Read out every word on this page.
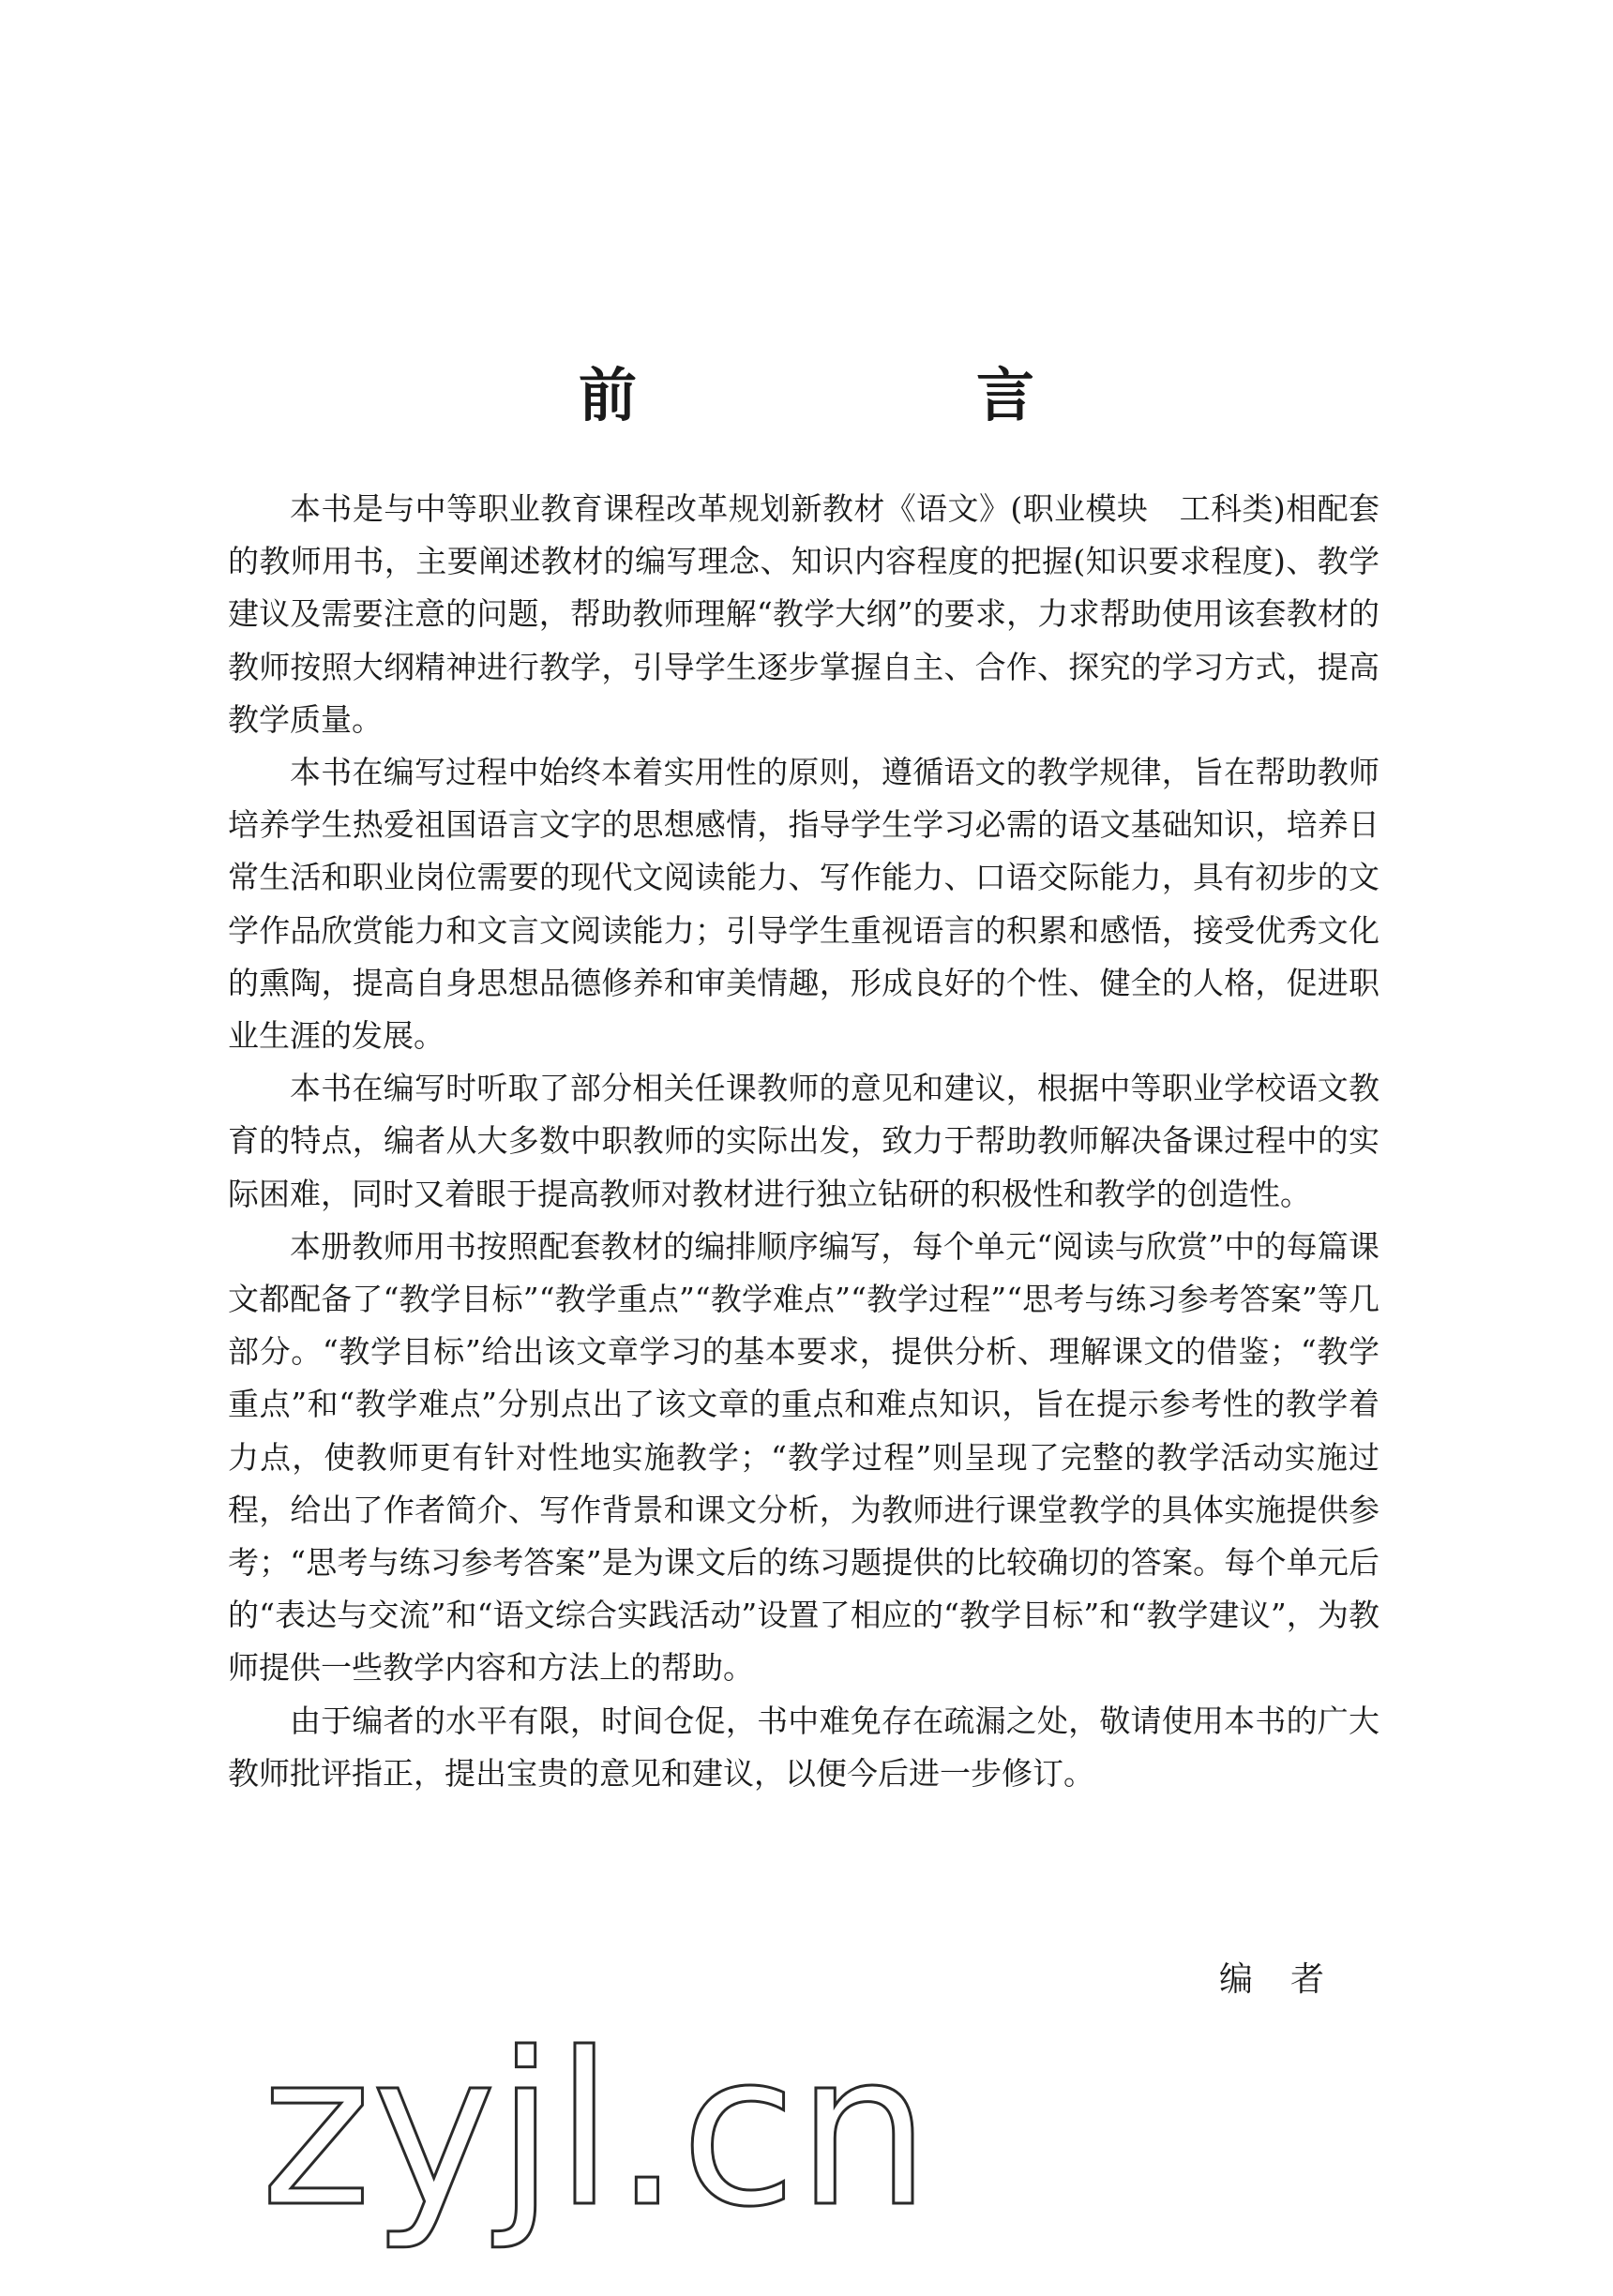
前　言

本书是与中等职业教育课程改革规划新教材《语文》(职业模块　工科类)相配套的教师用书，主要阐述教材的编写理念、知识内容程度的把握(知识要求程度)、教学建议及需要注意的问题，帮助教师理解“教学大纲”的要求，力求帮助使用该套教材的教师按照大纲精神进行教学，引导学生逐步掌握自主、合作、探究的学习方式，提高教学质量。

本书在编写过程中始终本着实用性的原则，遵循语文的教学规律，旨在帮助教师培养学生热爱祖国语言文字的思想感情，指导学生学习必需的语文基础知识，培养日常生活和职业岗位需要的现代文阅读能力、写作能力、口语交际能力，具有初步的文学作品欣赏能力和文言文阅读能力；引导学生重视语言的积累和感悟，接受优秀文化的熏陶，提高自身思想品德修养和审美情趣，形成良好的个性、健全的人格，促进职业生涯的发展。

本书在编写时听取了部分相关任课教师的意见和建议，根据中等职业学校语文教育的特点，编者从大多数中职教师的实际出发，致力于帮助教师解决备课过程中的实际困难，同时又着眼于提高教师对教材进行独立钻研的积极性和教学的创造性。

本册教师用书按照配套教材的编排顺序编写，每个单元“阅读与欣赏”中的每篇课文都配备了“教学目标”“教学重点”“教学难点”“教学过程”“思考与练习参考答案”等几部分。“教学目标”给出该文章学习的基本要求，提供分析、理解课文的借鉴；“教学重点”和“教学难点”分别点出了该文章的重点和难点知识，旨在提示参考性的教学着力点，使教师更有针对性地实施教学；“教学过程”则呈现了完整的教学活动实施过程，给出了作者简介、写作背景和课文分析，为教师进行课堂教学的具体实施提供参考；“思考与练习参考答案”是为课文后的练习题提供的比较确切的答案。每个单元后的“表达与交流”和“语文综合实践活动”设置了相应的“教学目标”和“教学建议”，为教师提供一些教学内容和方法上的帮助。

由于编者的水平有限，时间仓促，书中难免存在疏漏之处，敬请使用本书的广大教师批评指正，提出宝贵的意见和建议，以便今后进一步修订。

编者
zyjl.cn
